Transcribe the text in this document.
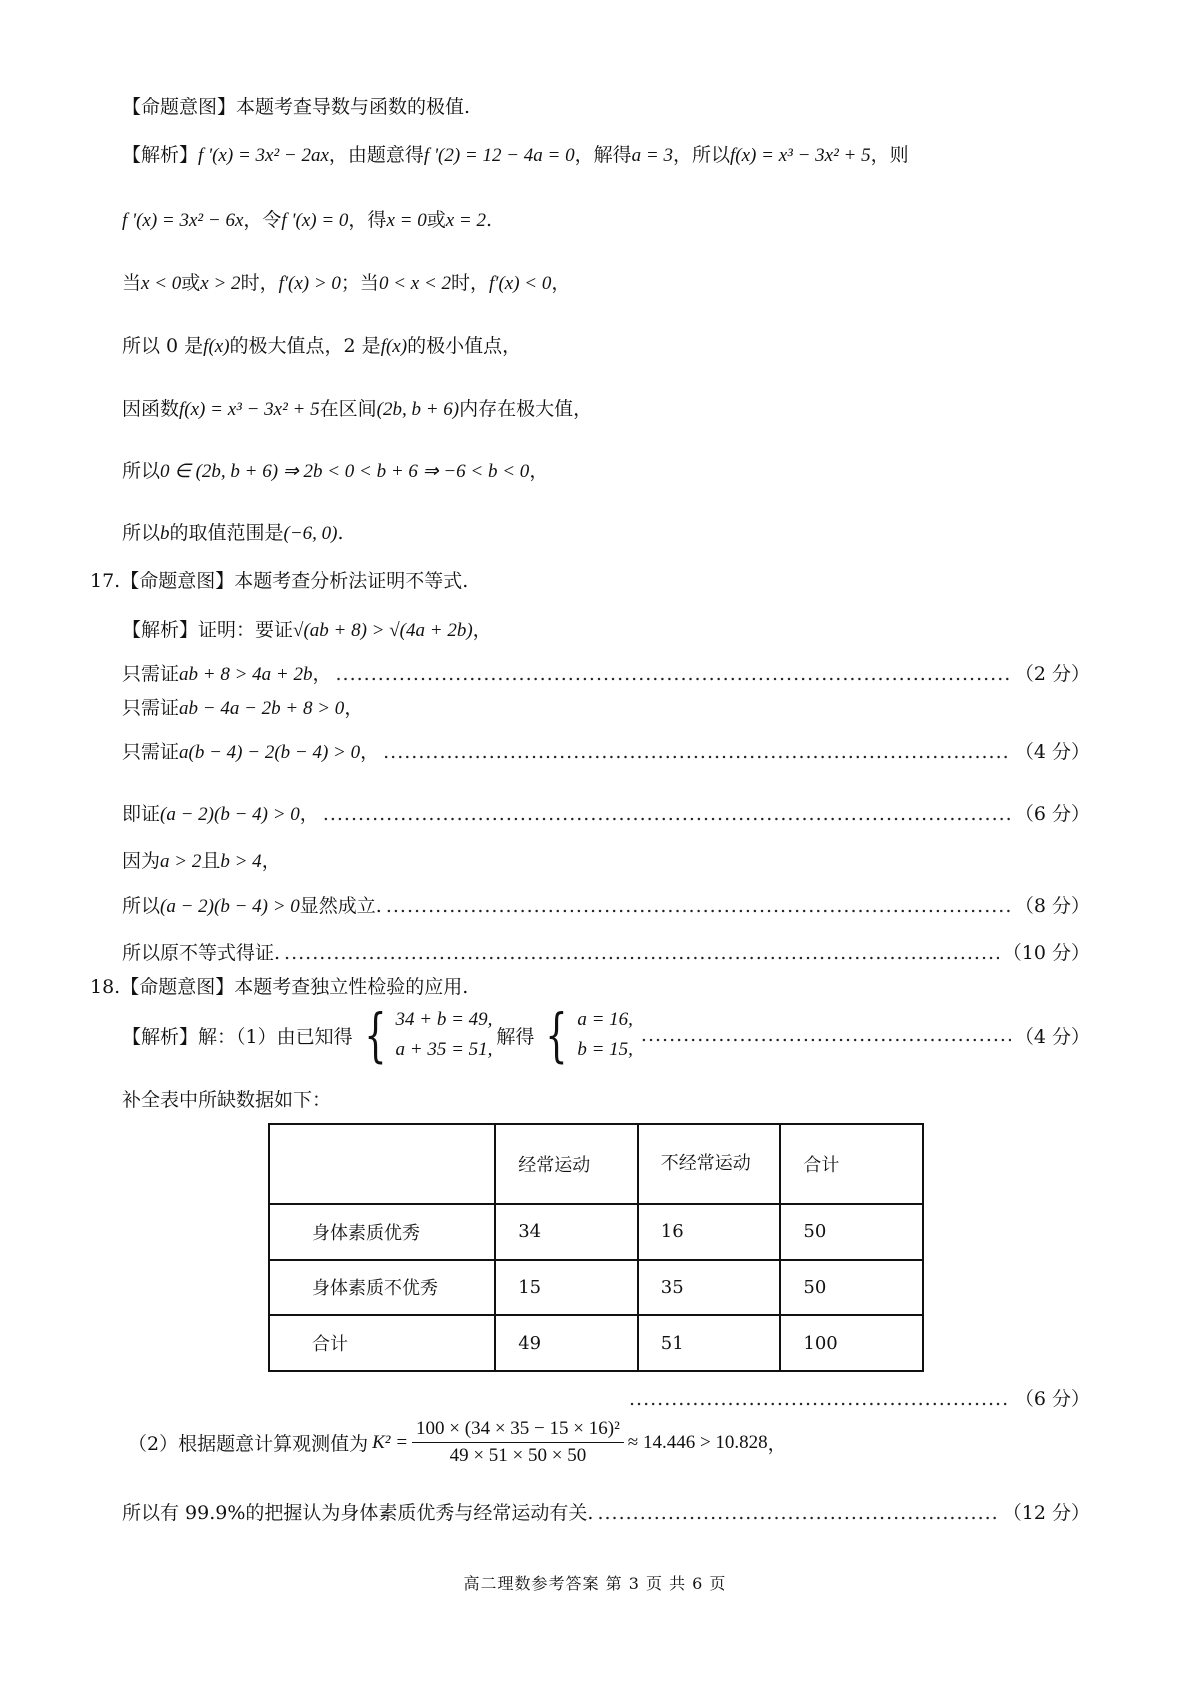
【命题意图】本题考查导数与函数的极值.
【解析】f '(x) = 3x² − 2ax，由题意得f '(2) = 12 − 4a = 0，解得a = 3，所以f(x) = x³ − 3x² + 5，则
f '(x) = 3x² − 6x，令f '(x) = 0，得x = 0或x = 2.
当x < 0或x > 2时，f′(x) > 0；当0 < x < 2时，f′(x) < 0，
所以 0 是f(x)的极大值点，2 是f(x)的极小值点，
因函数f(x) = x³ − 3x² + 5在区间(2b, b + 6)内存在极大值，
所以0 ∈ (2b, b + 6) ⇒ 2b < 0 < b + 6 ⇒ −6 < b < 0，
所以b的取值范围是(−6, 0).
17.【命题意图】本题考查分析法证明不等式.
【解析】证明：要证√(ab + 8) > √(4a + 2b)，
只需证ab + 8 > 4a + 2b， .....	（2 分）
只需证ab − 4a − 2b + 8 > 0，
只需证a(b − 4) − 2(b − 4) > 0， .....	（4 分）
即证(a − 2)(b − 4) > 0， .....	（6 分）
因为a > 2且b > 4，
所以(a − 2)(b − 4) > 0显然成立. .....	（8 分）
所以原不等式得证. .....	（10 分）
18.【命题意图】本题考查独立性检验的应用.
【解析】解：（1）由已知得 { 34 + b = 49,
a + 35 = 51,
解得 { a = 16,
b = 15,
.....
（4 分）
补全表中所缺数据如下：
	经常运动	不经常运动	合计
身体素质优秀	34	16	50
身体素质不优秀	15	35	50
合计	49	51	100
.....
（6 分）
（2）根据题意计算观测值为 $K^2 = \frac{\text{100 × (34 × 35 − 15 × 16)²}}{49 \times 51 \times 50 \times 50} \approx 14.446 > 10.828$ ，
所以有 99.9%的把握认为身体素质优秀与经常运动有关. .....	（12 分）
高二理数参考答案 第 3 页 共 6 页
